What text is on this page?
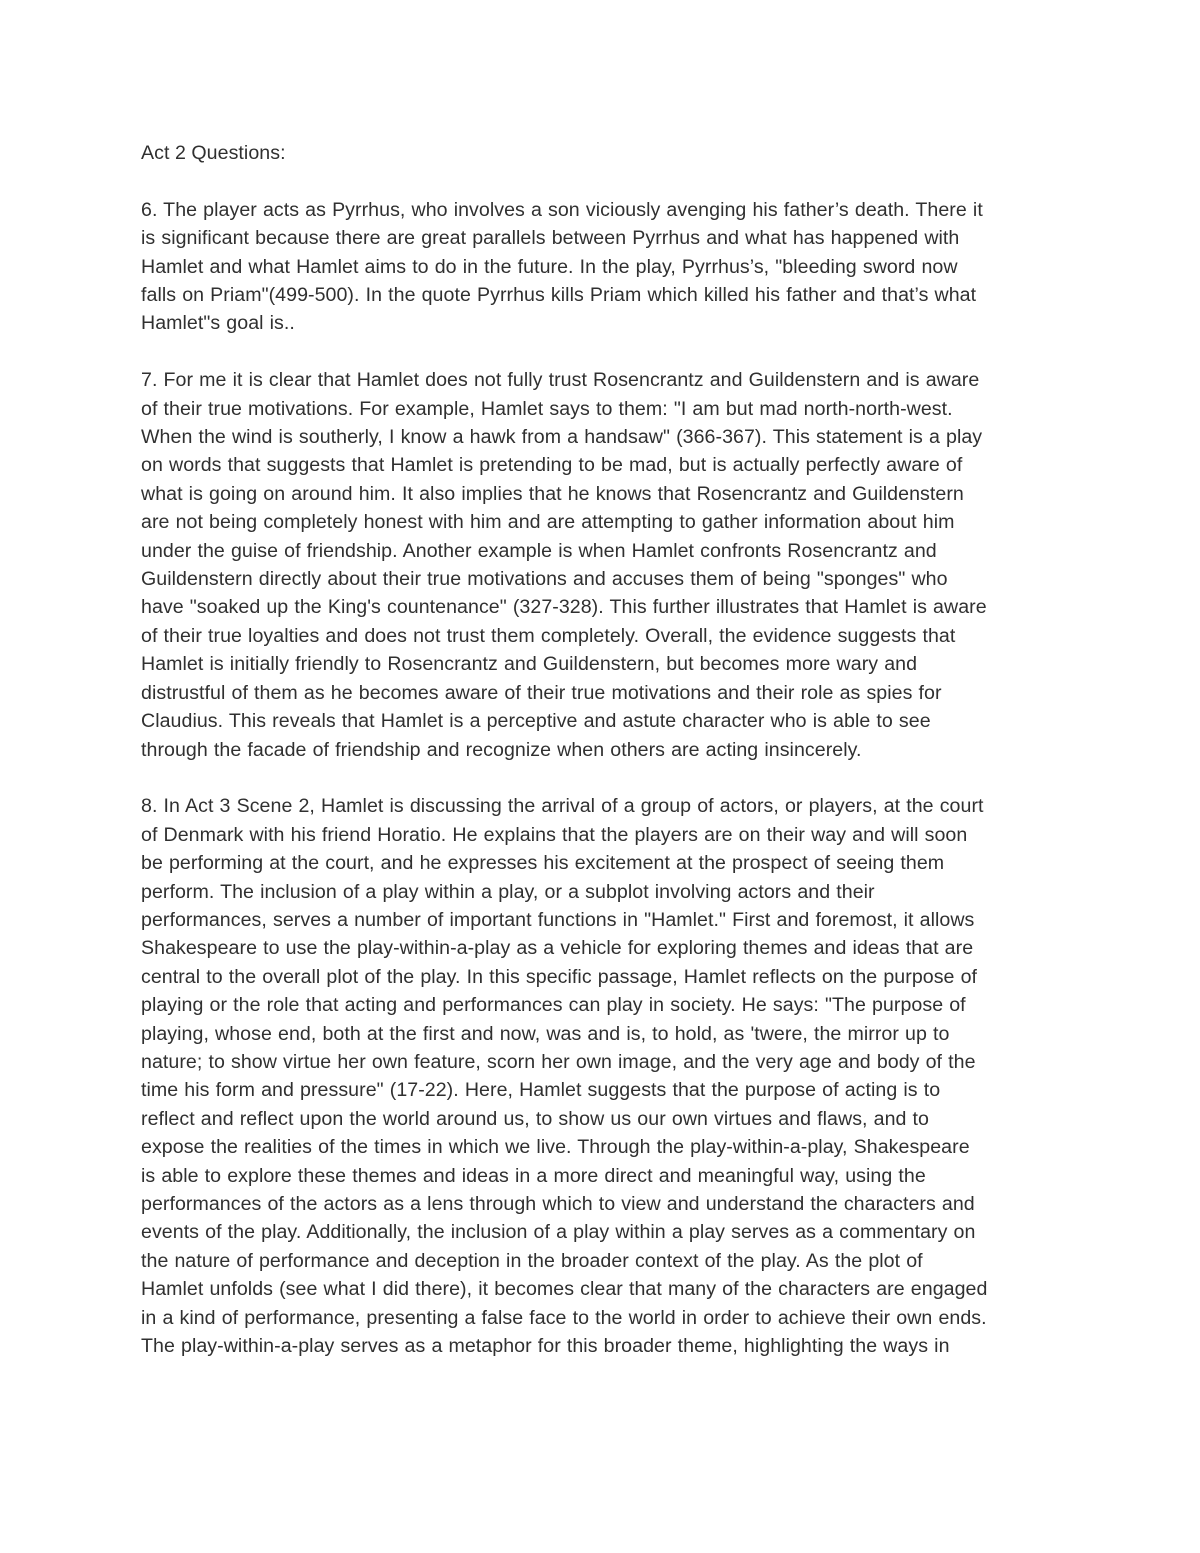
Act 2 Questions:
6. The player acts as Pyrrhus, who involves a son viciously avenging his father’s death. There it
is significant because there are great parallels between Pyrrhus and what has happened with
Hamlet and what Hamlet aims to do in the future. In the play, Pyrrhus’s, "bleeding sword now
falls on Priam"(499-500). In the quote Pyrrhus kills Priam which killed his father and that’s what
Hamlet"s goal is..
7. For me it is clear that Hamlet does not fully trust Rosencrantz and Guildenstern and is aware
of their true motivations. For example, Hamlet says to them: "I am but mad north-north-west.
When the wind is southerly, I know a hawk from a handsaw" (366-367). This statement is a play
on words that suggests that Hamlet is pretending to be mad, but is actually perfectly aware of
what is going on around him. It also implies that he knows that Rosencrantz and Guildenstern
are not being completely honest with him and are attempting to gather information about him
under the guise of friendship. Another example is when Hamlet confronts Rosencrantz and
Guildenstern directly about their true motivations and accuses them of being "sponges" who
have "soaked up the King's countenance" (327-328). This further illustrates that Hamlet is aware
of their true loyalties and does not trust them completely. Overall, the evidence suggests that
Hamlet is initially friendly to Rosencrantz and Guildenstern, but becomes more wary and
distrustful of them as he becomes aware of their true motivations and their role as spies for
Claudius. This reveals that Hamlet is a perceptive and astute character who is able to see
through the facade of friendship and recognize when others are acting insincerely.
8. In Act 3 Scene 2, Hamlet is discussing the arrival of a group of actors, or players, at the court
of Denmark with his friend Horatio. He explains that the players are on their way and will soon
be performing at the court, and he expresses his excitement at the prospect of seeing them
perform. The inclusion of a play within a play, or a subplot involving actors and their
performances, serves a number of important functions in "Hamlet." First and foremost, it allows
Shakespeare to use the play-within-a-play as a vehicle for exploring themes and ideas that are
central to the overall plot of the play. In this specific passage, Hamlet reflects on the purpose of
playing or the role that acting and performances can play in society. He says: "The purpose of
playing, whose end, both at the first and now, was and is, to hold, as 'twere, the mirror up to
nature; to show virtue her own feature, scorn her own image, and the very age and body of the
time his form and pressure" (17-22). Here, Hamlet suggests that the purpose of acting is to
reflect and reflect upon the world around us, to show us our own virtues and flaws, and to
expose the realities of the times in which we live. Through the play-within-a-play, Shakespeare
is able to explore these themes and ideas in a more direct and meaningful way, using the
performances of the actors as a lens through which to view and understand the characters and
events of the play. Additionally, the inclusion of a play within a play serves as a commentary on
the nature of performance and deception in the broader context of the play. As the plot of
Hamlet unfolds (see what I did there), it becomes clear that many of the characters are engaged
in a kind of performance, presenting a false face to the world in order to achieve their own ends.
The play-within-a-play serves as a metaphor for this broader theme, highlighting the ways in
